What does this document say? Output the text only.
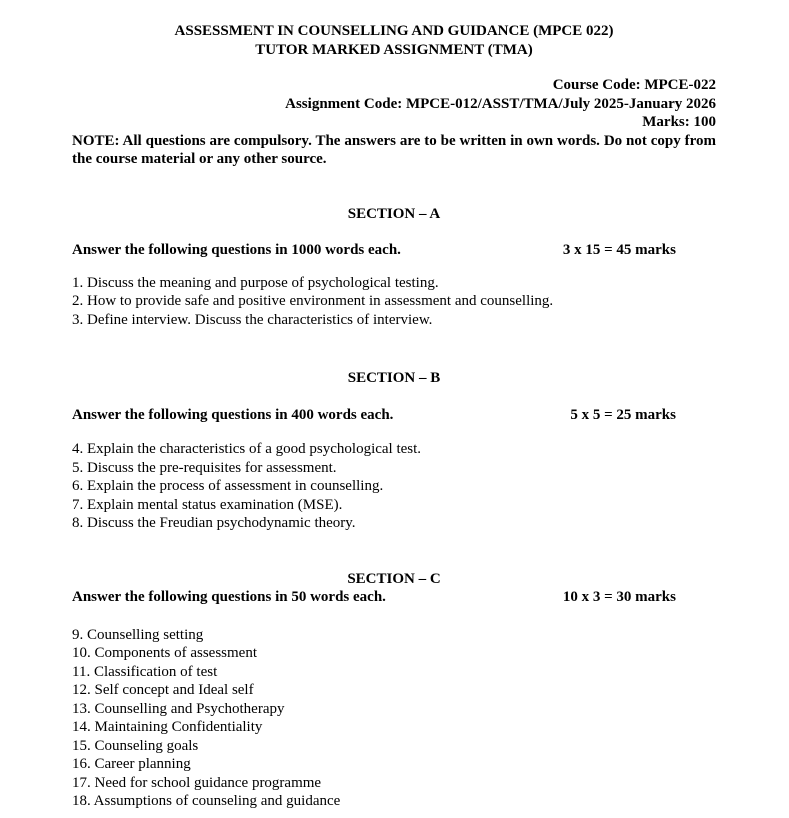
ASSESSMENT IN COUNSELLING AND GUIDANCE (MPCE 022)
TUTOR MARKED ASSIGNMENT (TMA)
Course Code: MPCE-022
Assignment Code: MPCE-012/ASST/TMA/July 2025-January 2026
Marks: 100
NOTE: All questions are compulsory. The answers are to be written in own words. Do not copy from the course material or any other source.
SECTION – A
Answer the following questions in 1000 words each.	3 x 15 = 45 marks
1. Discuss the meaning and purpose of psychological testing.
2. How to provide safe and positive environment in assessment and counselling.
3. Define interview. Discuss the characteristics of interview.
SECTION – B
Answer the following questions in 400 words each.	5 x 5 = 25 marks
4. Explain the characteristics of a good psychological test.
5. Discuss the pre-requisites for assessment.
6. Explain the process of assessment in counselling.
7. Explain mental status examination (MSE).
8. Discuss the Freudian psychodynamic theory.
SECTION – C
Answer the following questions in 50 words each.	10 x 3 = 30 marks
9. Counselling setting
10. Components of assessment
11. Classification of test
12. Self concept and Ideal self
13. Counselling and Psychotherapy
14. Maintaining Confidentiality
15. Counseling goals
16. Career planning
17. Need for school guidance programme
18. Assumptions of counseling and guidance
